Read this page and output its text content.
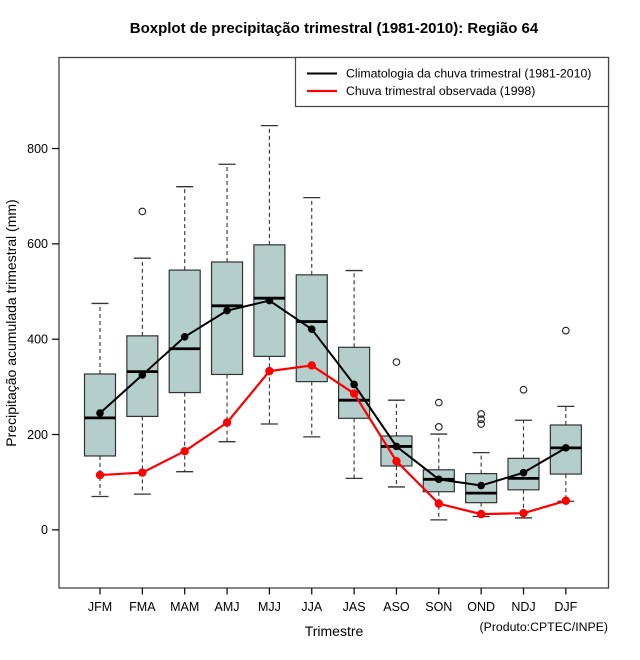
0
200
400
600
800
JFM FMA MAM AMJ MJJ JJA JAS ASO SON OND NDJ DJF
Climatologia da chuva trimestral (1981-2010)
Chuva trimestral observada (1998)
Boxplot de precipitação trimestral (1981-2010): Região 64
Precipitação acumulada trimestral (mm)
Trimestre	(Produto:CPTEC/INPE)
